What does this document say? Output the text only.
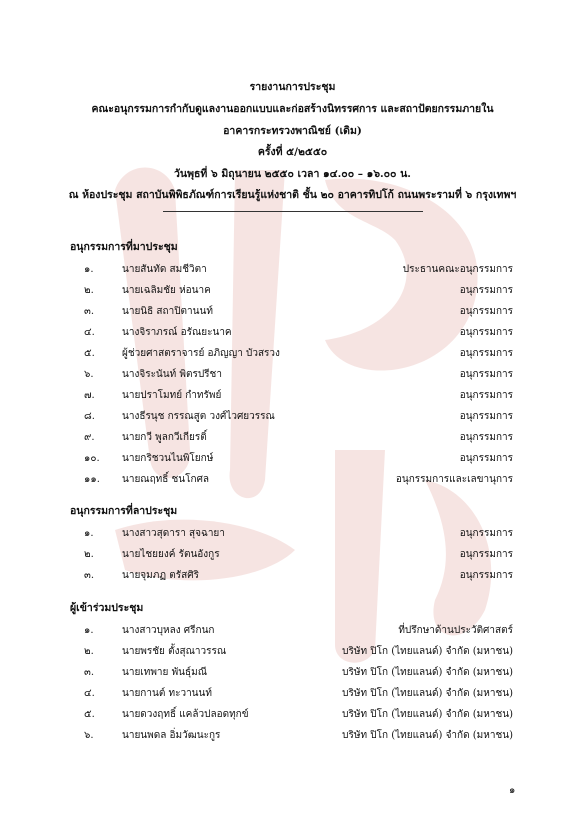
รายงานการประชุม
คณะอนุกรรมการกำกับดูแลงานออกแบบและก่อสร้างนิทรรศการ และสถาปัตยกรรมภายใน
อาคารกระทรวงพาณิชย์ (เดิม)
ครั้งที่ ๕/๒๕๕๐
วันพุธที่ ๖ มิถุนายน ๒๕๕๐ เวลา ๑๔.๐๐ – ๑๖.๐๐ น.
ณ ห้องประชุม สถาบันพิพิธภัณฑ์การเรียนรู้แห่งชาติ ชั้น ๒๐ อาคารทิปโก้ ถนนพระรามที่ ๖ กรุงเทพฯ
อนุกรรมการที่มาประชุม
๑.	นายสันทัด สมชีวิตา	ประธานคณะอนุกรรมการ
๒.	นายเฉลิมชัย ห่อนาค	อนุกรรมการ
๓.	นายนิธิ สถาปิตานนท์	อนุกรรมการ
๔.	นางจิราภรณ์ อรัณยะนาค	อนุกรรมการ
๕.	ผู้ช่วยศาสตราจารย์ อภิญญา บัวสรวง	อนุกรรมการ
๖.	นางจิระนันท์ พิตรปรีชา	อนุกรรมการ
๗.	นายปราโมทย์ กำทรัพย์	อนุกรรมการ
๘.	นางธีรนุช กรรณสูต วงศ์ไวศยวรรณ	อนุกรรมการ
๙.	นายกวี พูลกวีเกียรติ์	อนุกรรมการ
๑๐.	นายกริชวนไนพิโยกษ์	อนุกรรมการ
๑๑.	นายณฤทธิ์ ชนโกศล	อนุกรรมการและเลขานุการ
อนุกรรมการที่ลาประชุม
๑.	นางสาวสุดารา สุจฉายา	อนุกรรมการ
๒.	นายไชยยงค์ รัตนอังกูร	อนุกรรมการ
๓.	นายจุมภฏ ตรัสศิริ	อนุกรรมการ
ผู้เข้าร่วมประชุม
๑.	นางสาวบุหลง ศรีกนก	ที่ปรึกษาด้านประวัติศาสตร์
๒.	นายพรชัย ตั้งสุณาวรรณ	บริษัท ปิโก (ไทยแลนด์) จำกัด (มหาชน)
๓.	นายเทพาย พันธุ์มณี	บริษัท ปิโก (ไทยแลนด์) จำกัด (มหาชน)
๔.	นายกานต์ ทะวานนท์	บริษัท ปิโก (ไทยแลนด์) จำกัด (มหาชน)
๕.	นายดวงฤทธิ์ แคล้วปลอดทุกข์	บริษัท ปิโก (ไทยแลนด์) จำกัด (มหาชน)
๖.	นายนพดล อิ่มวัฒนะกูร	บริษัท ปิโก (ไทยแลนด์) จำกัด (มหาชน)
๑
